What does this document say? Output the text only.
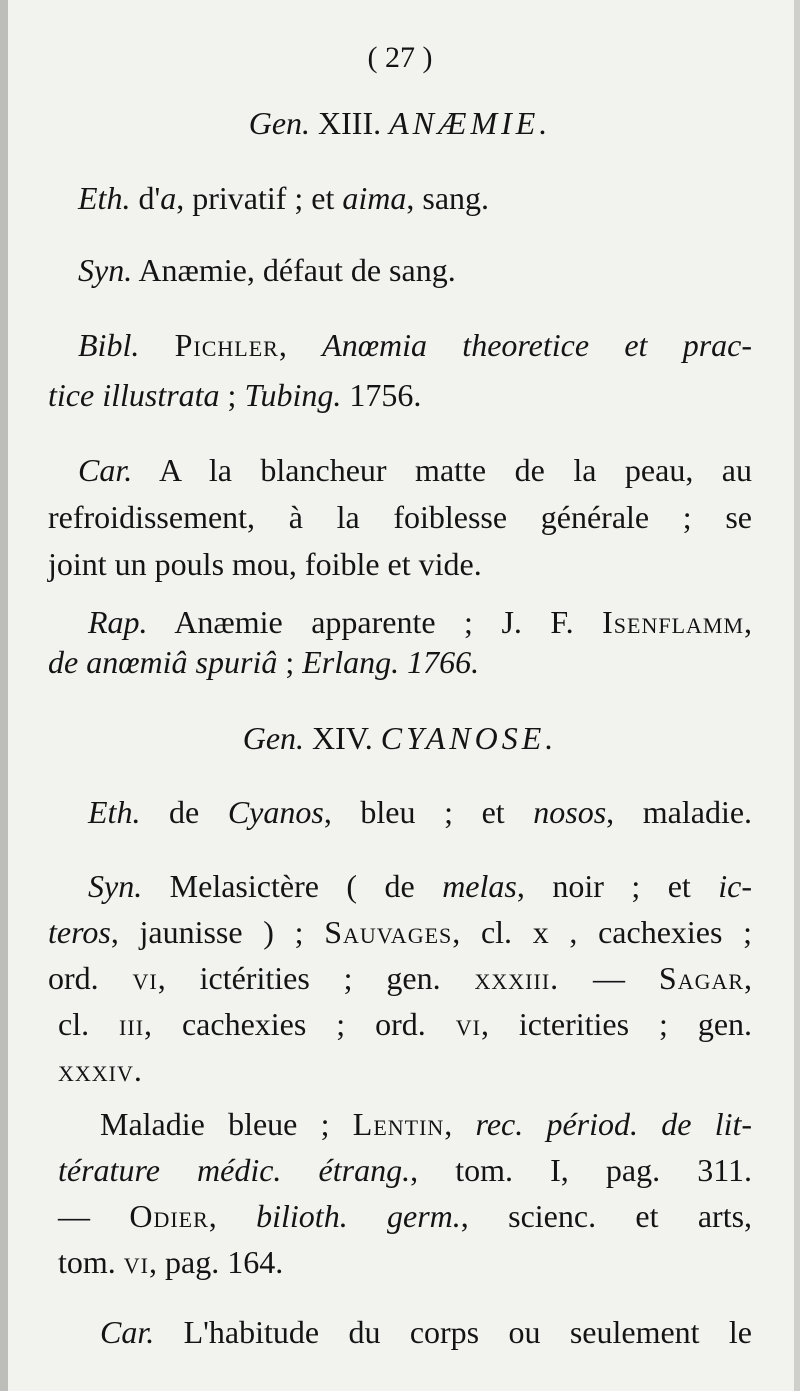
( 27 )
Gen. XIII. ANÆMIE.
Eth. d'a, privatif ; et aima, sang.
Syn. Anæmie, défaut de sang.
Bibl. Pichler, Anœmia theoretice et prac-
tice illustrata ; Tubing. 1756.
Car. A la blancheur matte de la peau, au
refroidissement, à la foiblesse générale ; se
joint un pouls mou, foible et vide.
Rap. Anæmie apparente ; J. F. Isenflamm,
de anœmiâ spuriâ ; Erlang. 1766.
Gen. XIV. CYANOSE.
Eth. de Cyanos, bleu ; et nosos, maladie.
Syn. Melasictère ( de melas, noir ; et ic-
teros, jaunisse ) ; Sauvages, cl. x , cachexies ;
ord. vi, ictérities ; gen. xxxiii. — Sagar,
cl. iii, cachexies ; ord. vi, icterities ; gen.
xxxiv.
Maladie bleue ; Lentin, rec. périod. de lit-
térature médic. étrang., tom. I, pag. 311.
— Odier, bilioth. germ., scienc. et arts,
tom. vi, pag. 164.
Car. L'habitude du corps ou seulement le
